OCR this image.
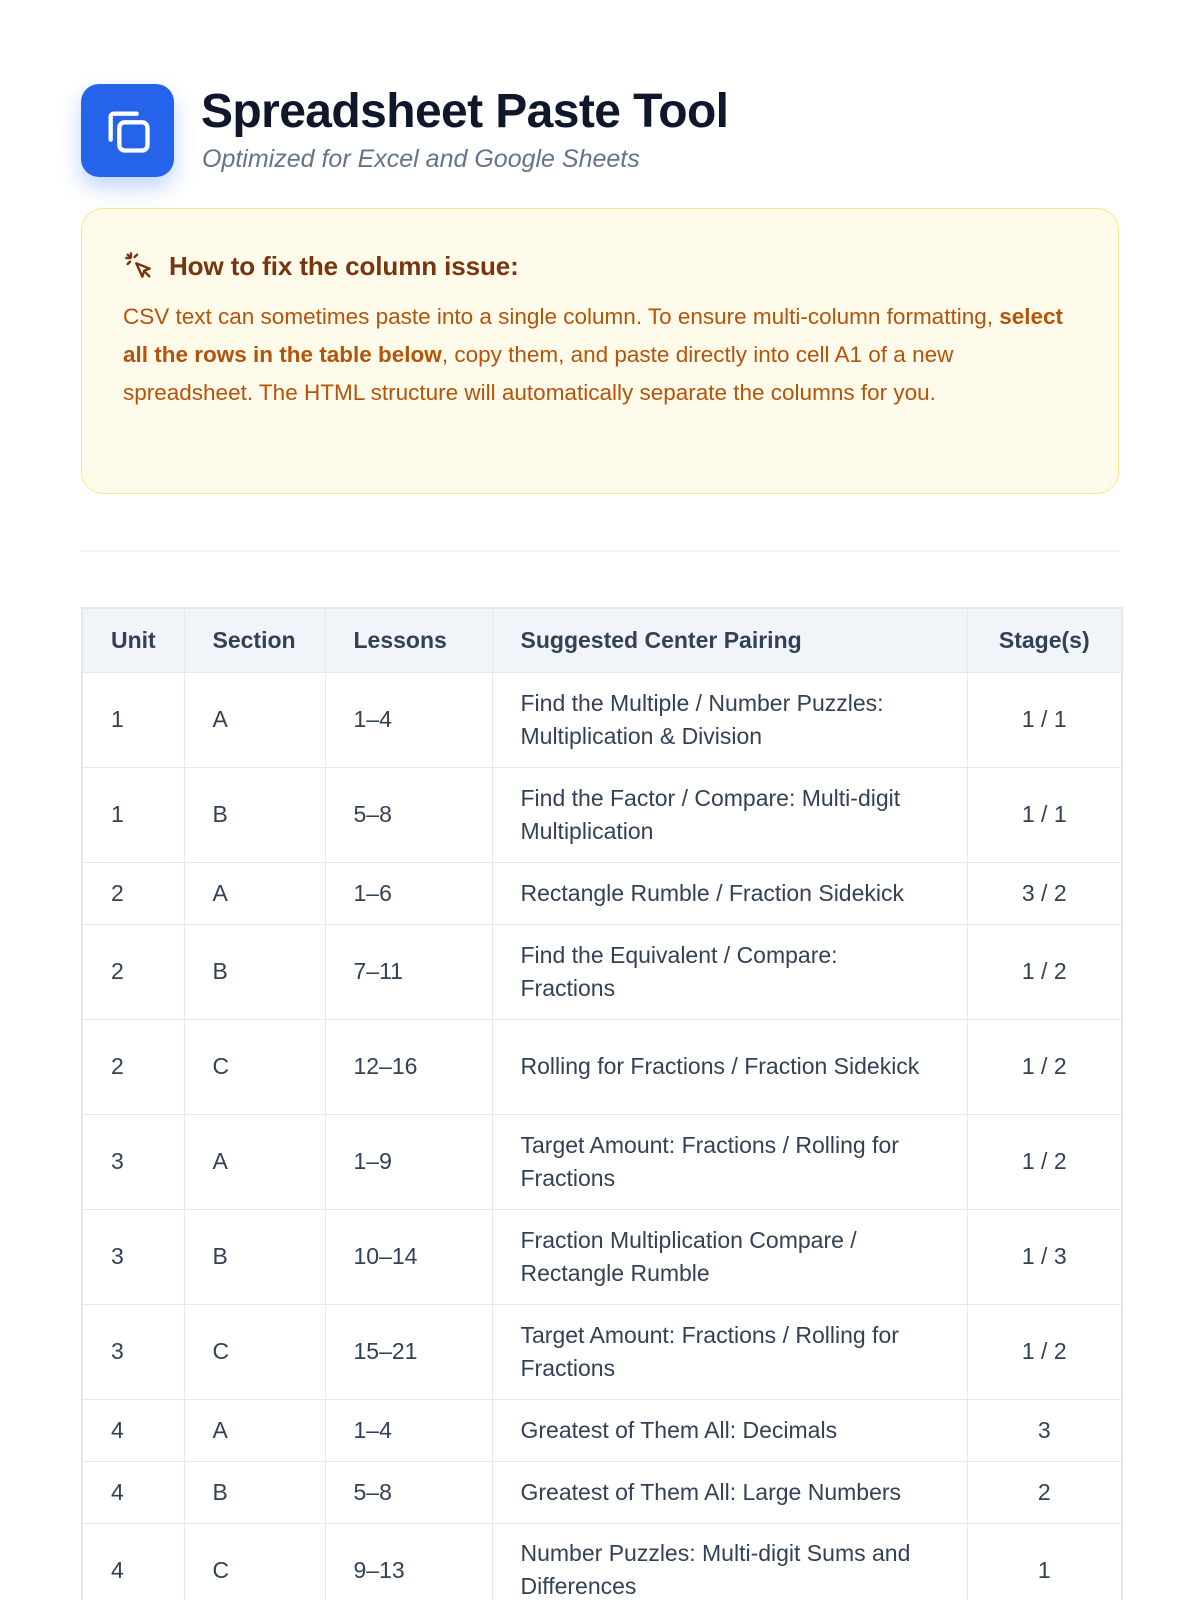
Spreadsheet Paste Tool

Optimized for Excel and Google Sheets

How to fix the column issue:
CSV text can sometimes paste into a single column. To ensure multi-column formatting, select all the rows in the table below, copy them, and paste directly into cell A1 of a new spreadsheet. The HTML structure will automatically separate the columns for you.
Unit	Section	Lessons	Suggested Center Pairing	Stage(s)
1	A	1–4	Find the Multiple / Number Puzzles: Multiplication & Division	1 / 1
1	B	5–8	Find the Factor / Compare: Multi-digit Multiplication	1 / 1
2	A	1–6	Rectangle Rumble / Fraction Sidekick	3 / 2
2	B	7–11	Find the Equivalent / Compare: Fractions	1 / 2
2	C	12–16	Rolling for Fractions / Fraction Sidekick	1 / 2
3	A	1–9	Target Amount: Fractions / Rolling for Fractions	1 / 2
3	B	10–14	Fraction Multiplication Compare / Rectangle Rumble	1 / 3
3	C	15–21	Target Amount: Fractions / Rolling for Fractions	1 / 2
4	A	1–4	Greatest of Them All: Decimals	3
4	B	5–8	Greatest of Them All: Large Numbers	2
4	C	9–13	Number Puzzles: Multi-digit Sums and Differences	1
